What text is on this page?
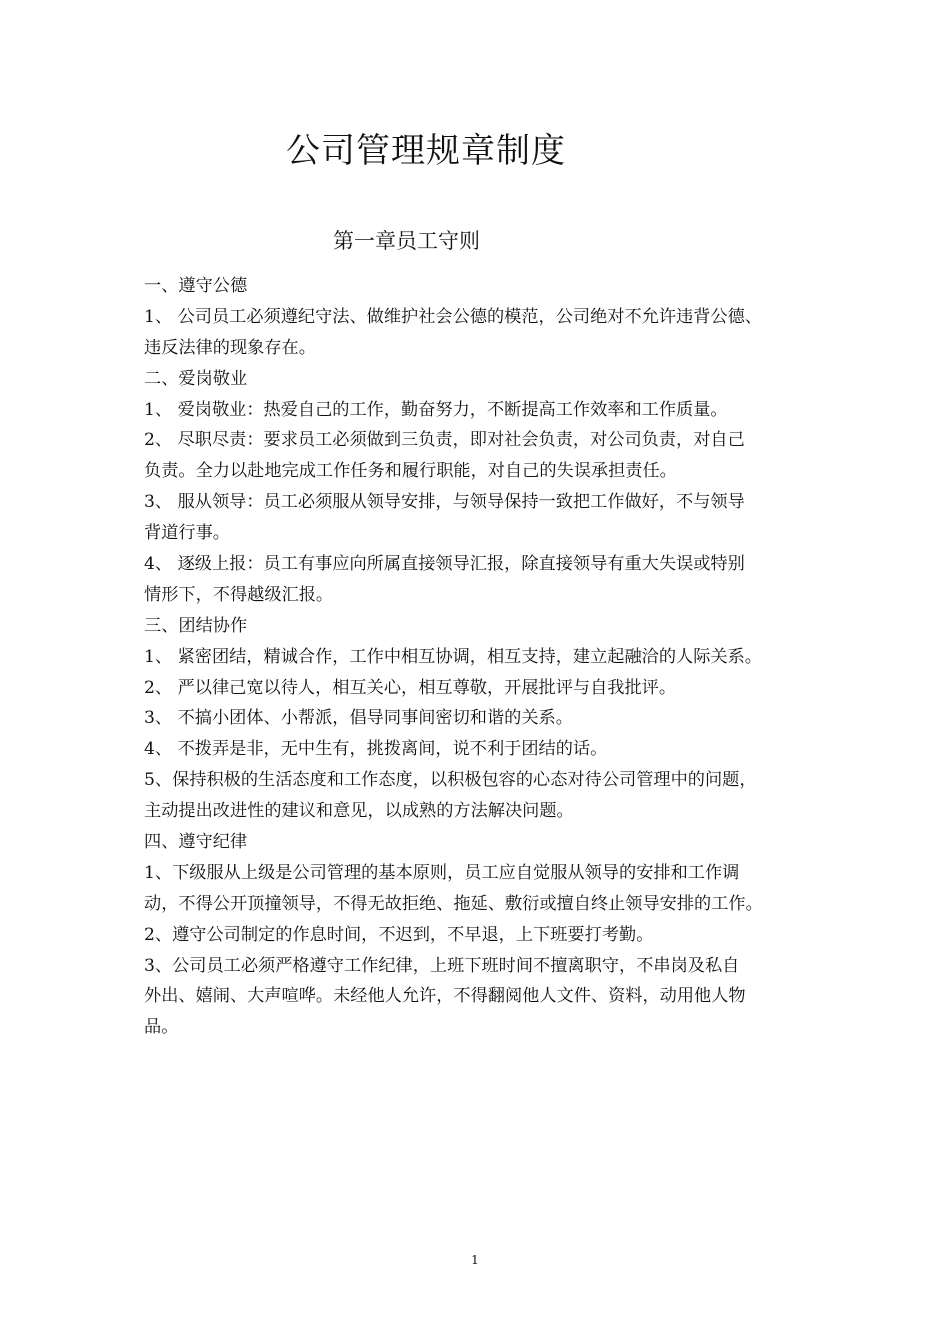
公司管理规章制度
第一章员工守则
一、遵守公德
1、 公司员工必须遵纪守法、做维护社会公德的模范，公司绝对不允许违背公德、
违反法律的现象存在。
二、爱岗敬业
1、 爱岗敬业：热爱自己的工作，勤奋努力，不断提高工作效率和工作质量。
2、 尽职尽责：要求员工必须做到三负责，即对社会负责，对公司负责，对自己
负责。全力以赴地完成工作任务和履行职能，对自己的失误承担责任。
3、 服从领导：员工必须服从领导安排，与领导保持一致把工作做好，不与领导
背道行事。
4、 逐级上报：员工有事应向所属直接领导汇报，除直接领导有重大失误或特别
情形下，不得越级汇报。
三、团结协作
1、 紧密团结，精诚合作，工作中相互协调，相互支持，建立起融洽的人际关系。
2、 严以律己宽以待人，相互关心，相互尊敬，开展批评与自我批评。
3、 不搞小团体、小帮派，倡导同事间密切和谐的关系。
4、 不拨弄是非，无中生有，挑拨离间，说不利于团结的话。
5、保持积极的生活态度和工作态度，以积极包容的心态对待公司管理中的问题，
主动提出改进性的建议和意见，以成熟的方法解决问题。
四、遵守纪律
1、下级服从上级是公司管理的基本原则，员工应自觉服从领导的安排和工作调
动，不得公开顶撞领导，不得无故拒绝、拖延、敷衍或擅自终止领导安排的工作。
2、遵守公司制定的作息时间，不迟到，不早退，上下班要打考勤。
3、公司员工必须严格遵守工作纪律，上班下班时间不擅离职守，不串岗及私自
外出、嬉闹、大声喧哗。未经他人允许，不得翻阅他人文件、资料，动用他人物
品。
1
